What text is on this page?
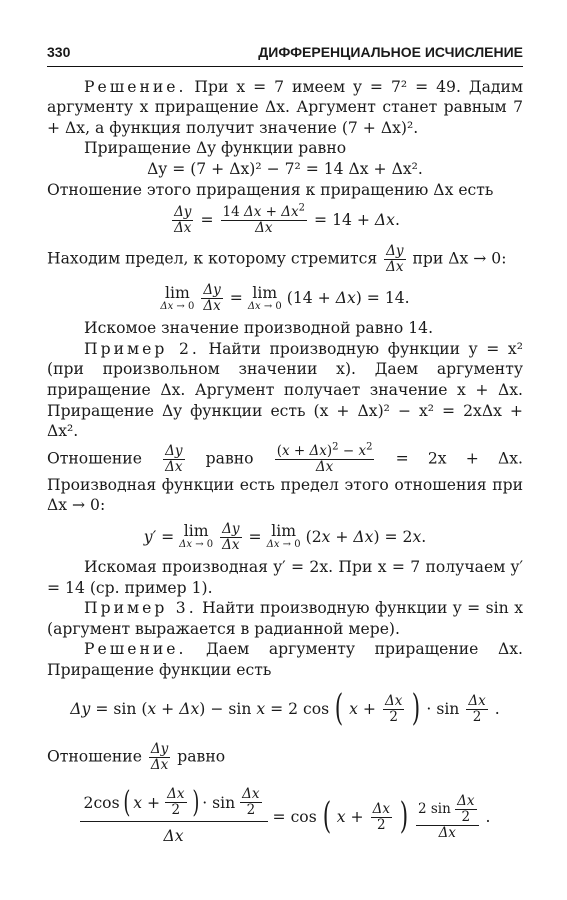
330	ДИФФЕРЕНЦИАЛЬНОЕ ИСЧИСЛЕНИЕ

Решение. При x = 7 имеем y = 7² = 49. Дадим аргументу x приращение Δx. Аргумент станет равным 7 + Δx, а функция получит значение (7 + Δx)².

Приращение Δy функции равно

Δy = (7 + Δx)² − 7² = 14 Δx + Δx².

Отношение этого приращения к приращению Δx есть

$\frac{\Delta y}{\Delta x} = \frac{14 \Delta x + \Delta x^2}{\Delta x} = 14 + \Delta x$.

Находим предел, к которому стремится $\frac{\Delta y}{\Delta x}$ при Δx → 0:

lim
$\Delta x \to 0 \frac{\Delta y}{\Delta x} = \lim$
Δx → 0 (14 + Δx) = 14.

Искомое значение производной равно 14.

Пример 2. Найти производную функции y = x² (при произвольном значении x). Даем аргументу приращение Δx. Аргумент получает значение x + Δx. Приращение Δy функции есть (x + Δx)² − x² = 2xΔx + Δx².

Отношение $\frac{\Delta y}{\Delta x}$ равно $\frac{(x + \Delta x)^2 - x^2}{\Delta x} = 2x + \Delta x$. Производная функции есть предел этого отношения при Δx → 0:

y′ = lim
$\Delta x \to 0 \frac{\Delta y}{\Delta x} = \lim$
Δx → 0 (2x + Δx) = 2x.

Искомая производная y′ = 2x. При x = 7 получаем y′ = 14 (ср. пример 1).

Пример 3. Найти производную функции y = sin x (аргумент выражается в радианной мере).

Решение. Даем аргументу приращение Δx. Приращение функции есть

Δy = sin (x + Δx) − sin x = 2 cos ( $x + \frac{\Delta x}{2}$ ) · $\sin \frac{\Delta x}{2}$ .

Отношение $\frac{\Delta y}{\Delta x}$ равно

2cos ( $x + \frac{\Delta x}{2}$ ) · $\sin \frac{\Delta x}{2}$
Δx
= cos ( $x + \frac{\Delta x}{2}$ ) $\frac{2 \sin \frac{\Delta x}{2}}{\Delta x}$ .
